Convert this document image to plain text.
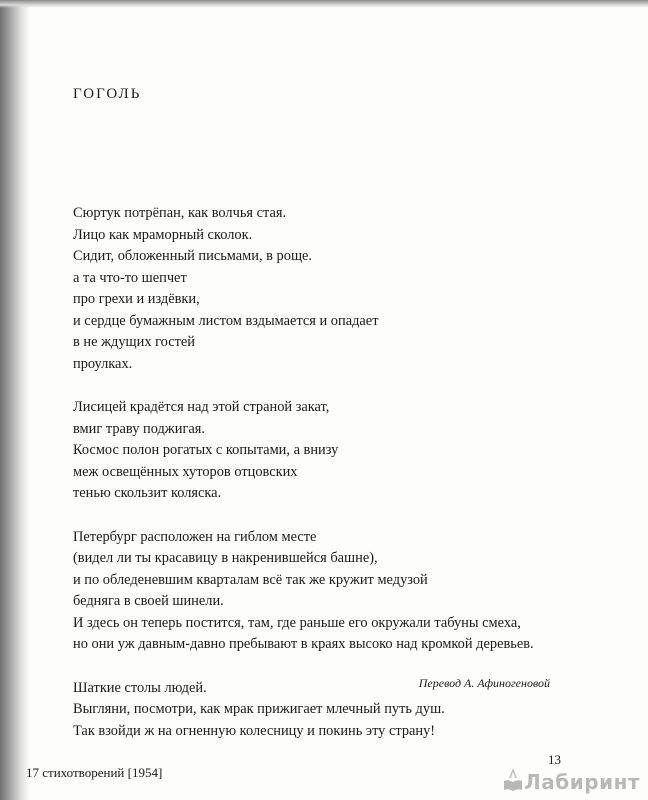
ГОГОЛЬ
Сюртук потрёпан, как волчья стая.
Лицо как мраморный сколок.
Сидит, обложенный письмами, в роще.
а та что-то шепчет
про грехи и издёвки,
и сердце бумажным листом вздымается и опадает
в не ждущих гостей
проулках.
Лисицей крадётся над этой страной закат,
вмиг траву поджигая.
Космос полон рогатых с копытами, а внизу
меж освещённых хуторов отцовских
тенью скользит коляска.
Петербург расположен на гиблом месте
(видел ли ты красавицу в накренившейся башне),
и по обледеневшим кварталам всё так же кружит медузой
бедняга в своей шинели.
И здесь он теперь постится, там, где раньше его окружали табуны смеха,
но они уж давным-давно пребывают в краях высоко над кромкой деревьев.
Шаткие столы людей.
Выгляни, посмотри, как мрак прижигает млечный путь душ.
Так взойди ж на огненную колесницу и покинь эту страну!
Перевод А. Афиногеновой
17 стихотворений [1954]
13
Лабиринт
